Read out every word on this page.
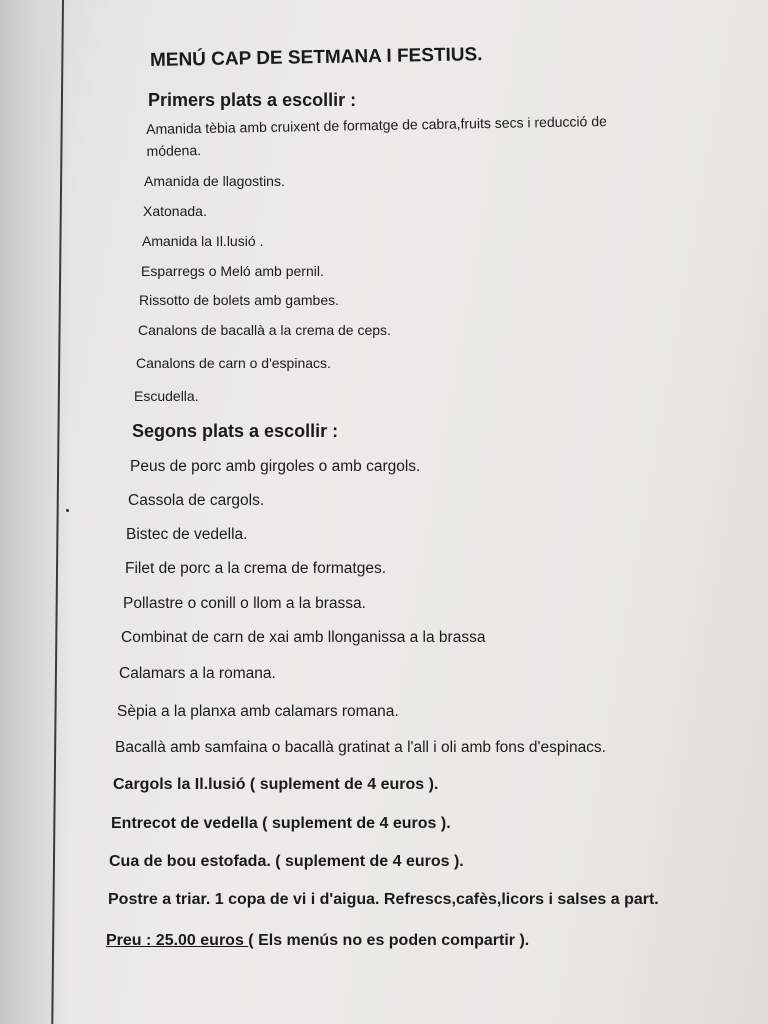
MENÚ CAP DE SETMANA I FESTIUS.
Primers plats a escollir :
Amanida tèbia amb cruixent de formatge de cabra,fruits secs i reducció de módena.
Amanida de llagostins.
Xatonada.
Amanida la Il.lusió .
Esparregs o Meló amb pernil.
Rissotto de bolets amb gambes.
Canalons de bacallà a la crema de ceps.
Canalons de carn o d'espinacs.
Escudella.
Segons plats a escollir :
Peus de porc amb girgoles o amb cargols.
Cassola de cargols.
Bistec de vedella.
Filet de porc a la crema de formatges.
Pollastre o conill o llom a la brassa.
Combinat de carn de xai amb llonganissa a la brassa
Calamars a la romana.
Sèpia a la planxa amb calamars romana.
Bacallà amb samfaina o bacallà gratinat a l'all i oli amb fons d'espinacs.
Cargols la Il.lusió ( suplement de 4 euros ).
Entrecot de vedella ( suplement de 4 euros ).
Cua de bou estofada. ( suplement de 4 euros ).
Postre a triar. 1 copa de vi i d'aigua. Refrescs,cafès,licors i salses a part.
Preu : 25.00 euros ( Els menús no es poden compartir ).
